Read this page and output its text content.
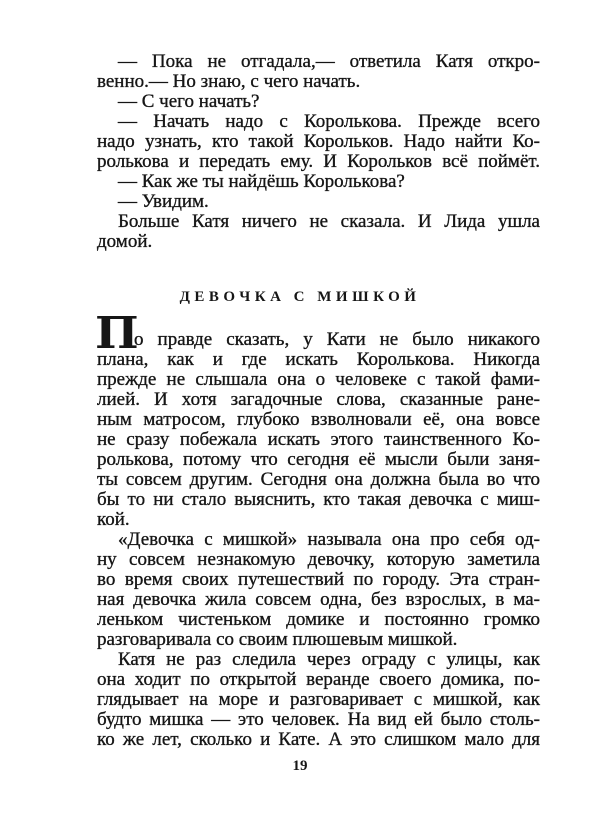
— Пока не отгадала,— ответила Катя откро-
венно.— Но знаю, с чего начать.
— С чего начать?
— Начать надо с Королькова. Прежде всего
надо узнать, кто такой Корольков. Надо найти Ко-
ролькова и передать ему. И Корольков всё поймёт.
— Как же ты найдёшь Королькова?
— Увидим.
Больше Катя ничего не сказала. И Лида ушла
домой.
ДЕВОЧКА С МИШКОЙ
П
о правде сказать, у Кати не было никакого
плана, как и где искать Королькова. Никогда
прежде не слышала она о человеке с такой фами-
лией. И хотя загадочные слова, сказанные ране-
ным матросом, глубоко взволновали её, она вовсе
не сразу побежала искать этого таинственного Ко-
ролькова, потому что сегодня её мысли были заня-
ты совсем другим. Сегодня она должна была во что
бы то ни стало выяснить, кто такая девочка с миш-
кой.
«Девочка с мишкой» называла она про себя од-
ну совсем незнакомую девочку, которую заметила
во время своих путешествий по городу. Эта стран-
ная девочка жила совсем одна, без взрослых, в ма-
леньком чистеньком домике и постоянно громко
разговаривала со своим плюшевым мишкой.
Катя не раз следила через ограду с улицы, как
она ходит по открытой веранде своего домика, по-
глядывает на море и разговаривает с мишкой, как
будто мишка — это человек. На вид ей было столь-
ко же лет, сколько и Кате. А это слишком мало для
19
